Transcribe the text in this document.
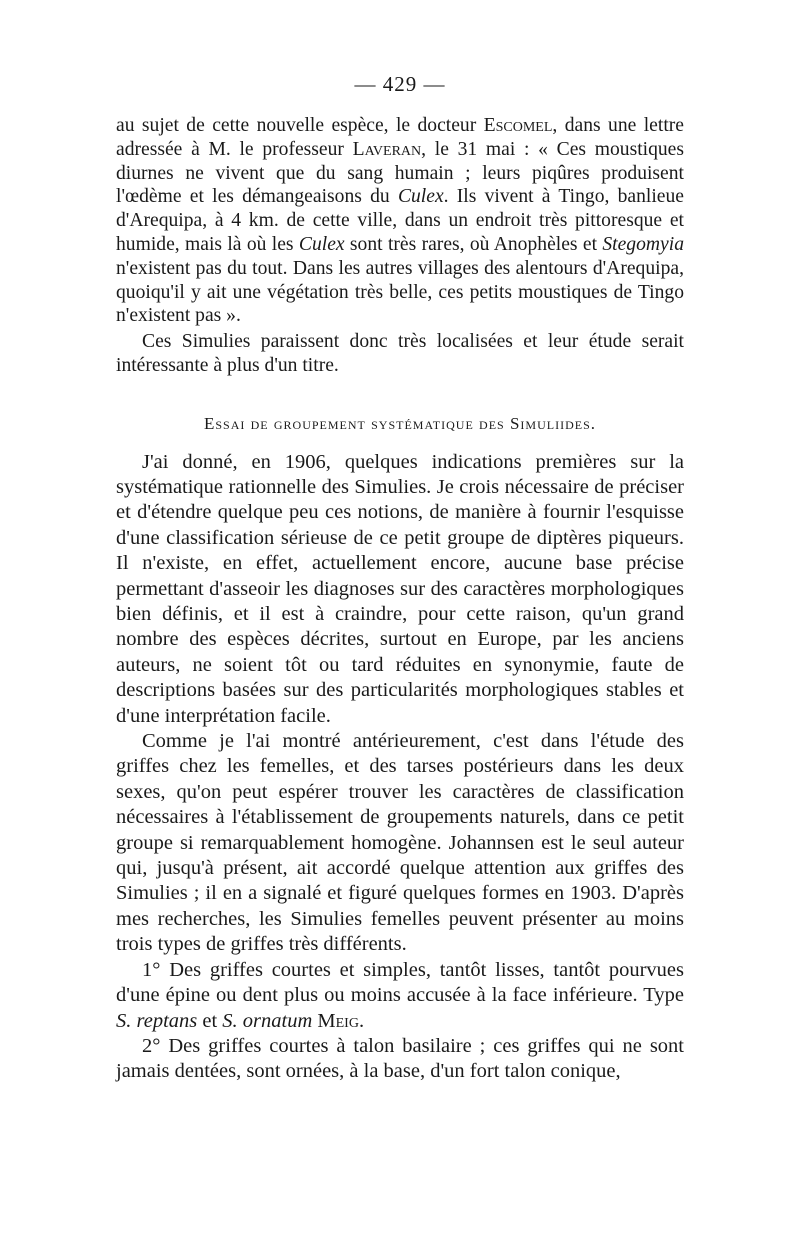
— 429 —

au sujet de cette nouvelle espèce, le docteur Escomel, dans une lettre adressée à M. le professeur Laveran, le 31 mai : « Ces moustiques diurnes ne vivent que du sang humain ; leurs piqûres produisent l'œdème et les démangeaisons du Culex. Ils vivent à Tingo, banlieue d'Arequipa, à 4 km. de cette ville, dans un endroit très pittoresque et humide, mais là où les Culex sont très rares, où Anophèles et Stegomyia n'existent pas du tout. Dans les autres villages des alentours d'Arequipa, quoiqu'il y ait une végétation très belle, ces petits moustiques de Tingo n'existent pas ».

Ces Simulies paraissent donc très localisées et leur étude serait intéressante à plus d'un titre.

Essai de groupement systématique des Simuliides.

J'ai donné, en 1906, quelques indications premières sur la systématique rationnelle des Simulies. Je crois nécessaire de préciser et d'étendre quelque peu ces notions, de manière à fournir l'esquisse d'une classification sérieuse de ce petit groupe de diptères piqueurs. Il n'existe, en effet, actuellement encore, aucune base précise permettant d'asseoir les diagnoses sur des caractères morphologiques bien définis, et il est à craindre, pour cette raison, qu'un grand nombre des espèces décrites, surtout en Europe, par les anciens auteurs, ne soient tôt ou tard réduites en synonymie, faute de descriptions basées sur des particularités morphologiques stables et d'une interprétation facile.

Comme je l'ai montré antérieurement, c'est dans l'étude des griffes chez les femelles, et des tarses postérieurs dans les deux sexes, qu'on peut espérer trouver les caractères de classification nécessaires à l'établissement de groupements naturels, dans ce petit groupe si remarquablement homogène. Johannsen est le seul auteur qui, jusqu'à présent, ait accordé quelque attention aux griffes des Simulies ; il en a signalé et figuré quelques formes en 1903. D'après mes recherches, les Simulies femelles peuvent présenter au moins trois types de griffes très différents.

1° Des griffes courtes et simples, tantôt lisses, tantôt pourvues d'une épine ou dent plus ou moins accusée à la face inférieure. Type S. reptans et S. ornatum Meig.

2° Des griffes courtes à talon basilaire ; ces griffes qui ne sont jamais dentées, sont ornées, à la base, d'un fort talon conique,
